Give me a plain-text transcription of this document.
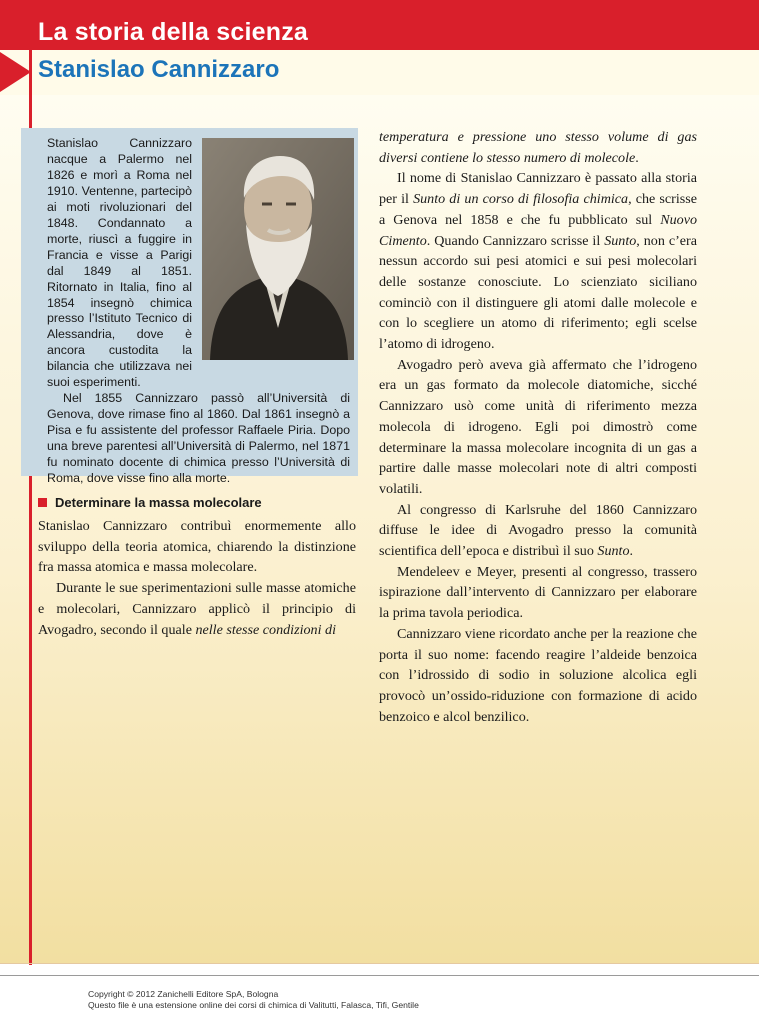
La storia della scienza
Stanislao Cannizzaro

Stanislao Cannizzaro nacque a Palermo nel 1826 e morì a Roma nel 1910. Ventenne, partecipò ai moti rivoluzionari del 1848. Condannato a morte, riuscì a fuggire in Francia e visse a Parigi dal 1849 al 1851. Ritornato in Italia, fino al 1854 insegnò chimica presso l’Istituto Tecnico di Alessandria, dove è ancora custodita la bilancia che utilizzava nei suoi esperimenti.

Nel 1855 Cannizzaro passò all’Università di Genova, dove rimase fino al 1860. Dal 1861 insegnò a Pisa e fu assistente del professor Raffaele Piria. Dopo una breve parentesi all’Università di Palermo, nel 1871 fu nominato docente di chimica presso l’Università di Roma, dove visse fino alla morte.

Determinare la massa molecolare

Stanislao Cannizzaro contribuì enormemente allo sviluppo della teoria atomica, chiarendo la distinzione fra massa atomica e massa molecolare.

Durante le sue sperimentazioni sulle masse atomiche e molecolari, Cannizzaro applicò il principio di Avogadro, secondo il quale nelle stesse condizioni di

temperatura e pressione uno stesso volume di gas diversi contiene lo stesso numero di molecole.

Il nome di Stanislao Cannizzaro è passato alla storia per il Sunto di un corso di filosofia chimica, che scrisse a Genova nel 1858 e che fu pubblicato sul Nuovo Cimento. Quando Cannizzaro scrisse il Sunto, non c’era nessun accordo sui pesi atomici e sui pesi molecolari delle sostanze conosciute. Lo scienziato siciliano cominciò con il distinguere gli atomi dalle molecole e con lo scegliere un atomo di riferimento; egli scelse l’atomo di idrogeno.

Avogadro però aveva già affermato che l’idrogeno era un gas formato da molecole diatomiche, sicché Cannizzaro usò come unità di riferimento mezza molecola di idrogeno. Egli poi dimostrò come determinare la massa molecolare incognita di un gas a partire dalle masse molecolari note di altri composti volatili.

Al congresso di Karlsruhe del 1860 Cannizzaro diffuse le idee di Avogadro presso la comunità scientifica dell’epoca e distribuì il suo Sunto.

Mendeleev e Meyer, presenti al congresso, trassero ispirazione dall’intervento di Cannizzaro per elaborare la prima tavola periodica.

Cannizzaro viene ricordato anche per la reazione che porta il suo nome: facendo reagire l’aldeide benzoica con l’idrossido di sodio in soluzione alcolica egli provocò un’ossido-riduzione con formazione di acido benzoico e alcol benzilico.

Copyright © 2012 Zanichelli Editore SpA, Bologna
Questo file è una estensione online dei corsi di chimica di Valitutti, Falasca, Tifi, Gentile
